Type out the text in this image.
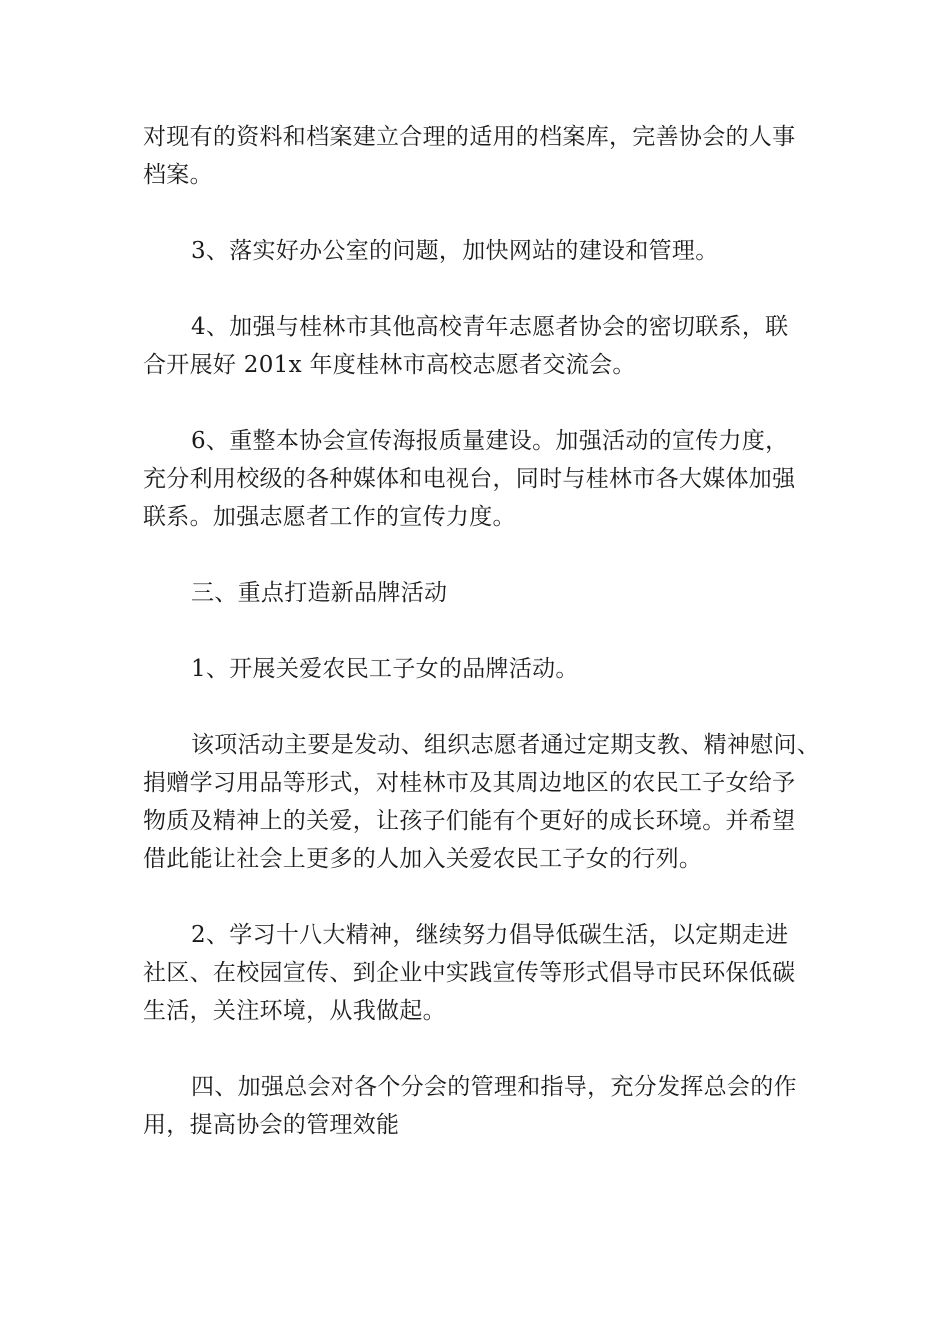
对现有的资料和档案建立合理的适用的档案库，完善协会的人事
档案。

3、落实好办公室的问题，加快网站的建设和管理。

4、加强与桂林市其他高校青年志愿者协会的密切联系，联
合开展好 201x 年度桂林市高校志愿者交流会。

6、重整本协会宣传海报质量建设。加强活动的宣传力度，
充分利用校级的各种媒体和电视台，同时与桂林市各大媒体加强
联系。加强志愿者工作的宣传力度。

三、重点打造新品牌活动

1、开展关爱农民工子女的品牌活动。

该项活动主要是发动、组织志愿者通过定期支教、精神慰问、
捐赠学习用品等形式，对桂林市及其周边地区的农民工子女给予
物质及精神上的关爱，让孩子们能有个更好的成长环境。并希望
借此能让社会上更多的人加入关爱农民工子女的行列。

2、学习十八大精神，继续努力倡导低碳生活，以定期走进
社区、在校园宣传、到企业中实践宣传等形式倡导市民环保低碳
生活，关注环境，从我做起。

四、加强总会对各个分会的管理和指导，充分发挥总会的作
用，提高协会的管理效能
